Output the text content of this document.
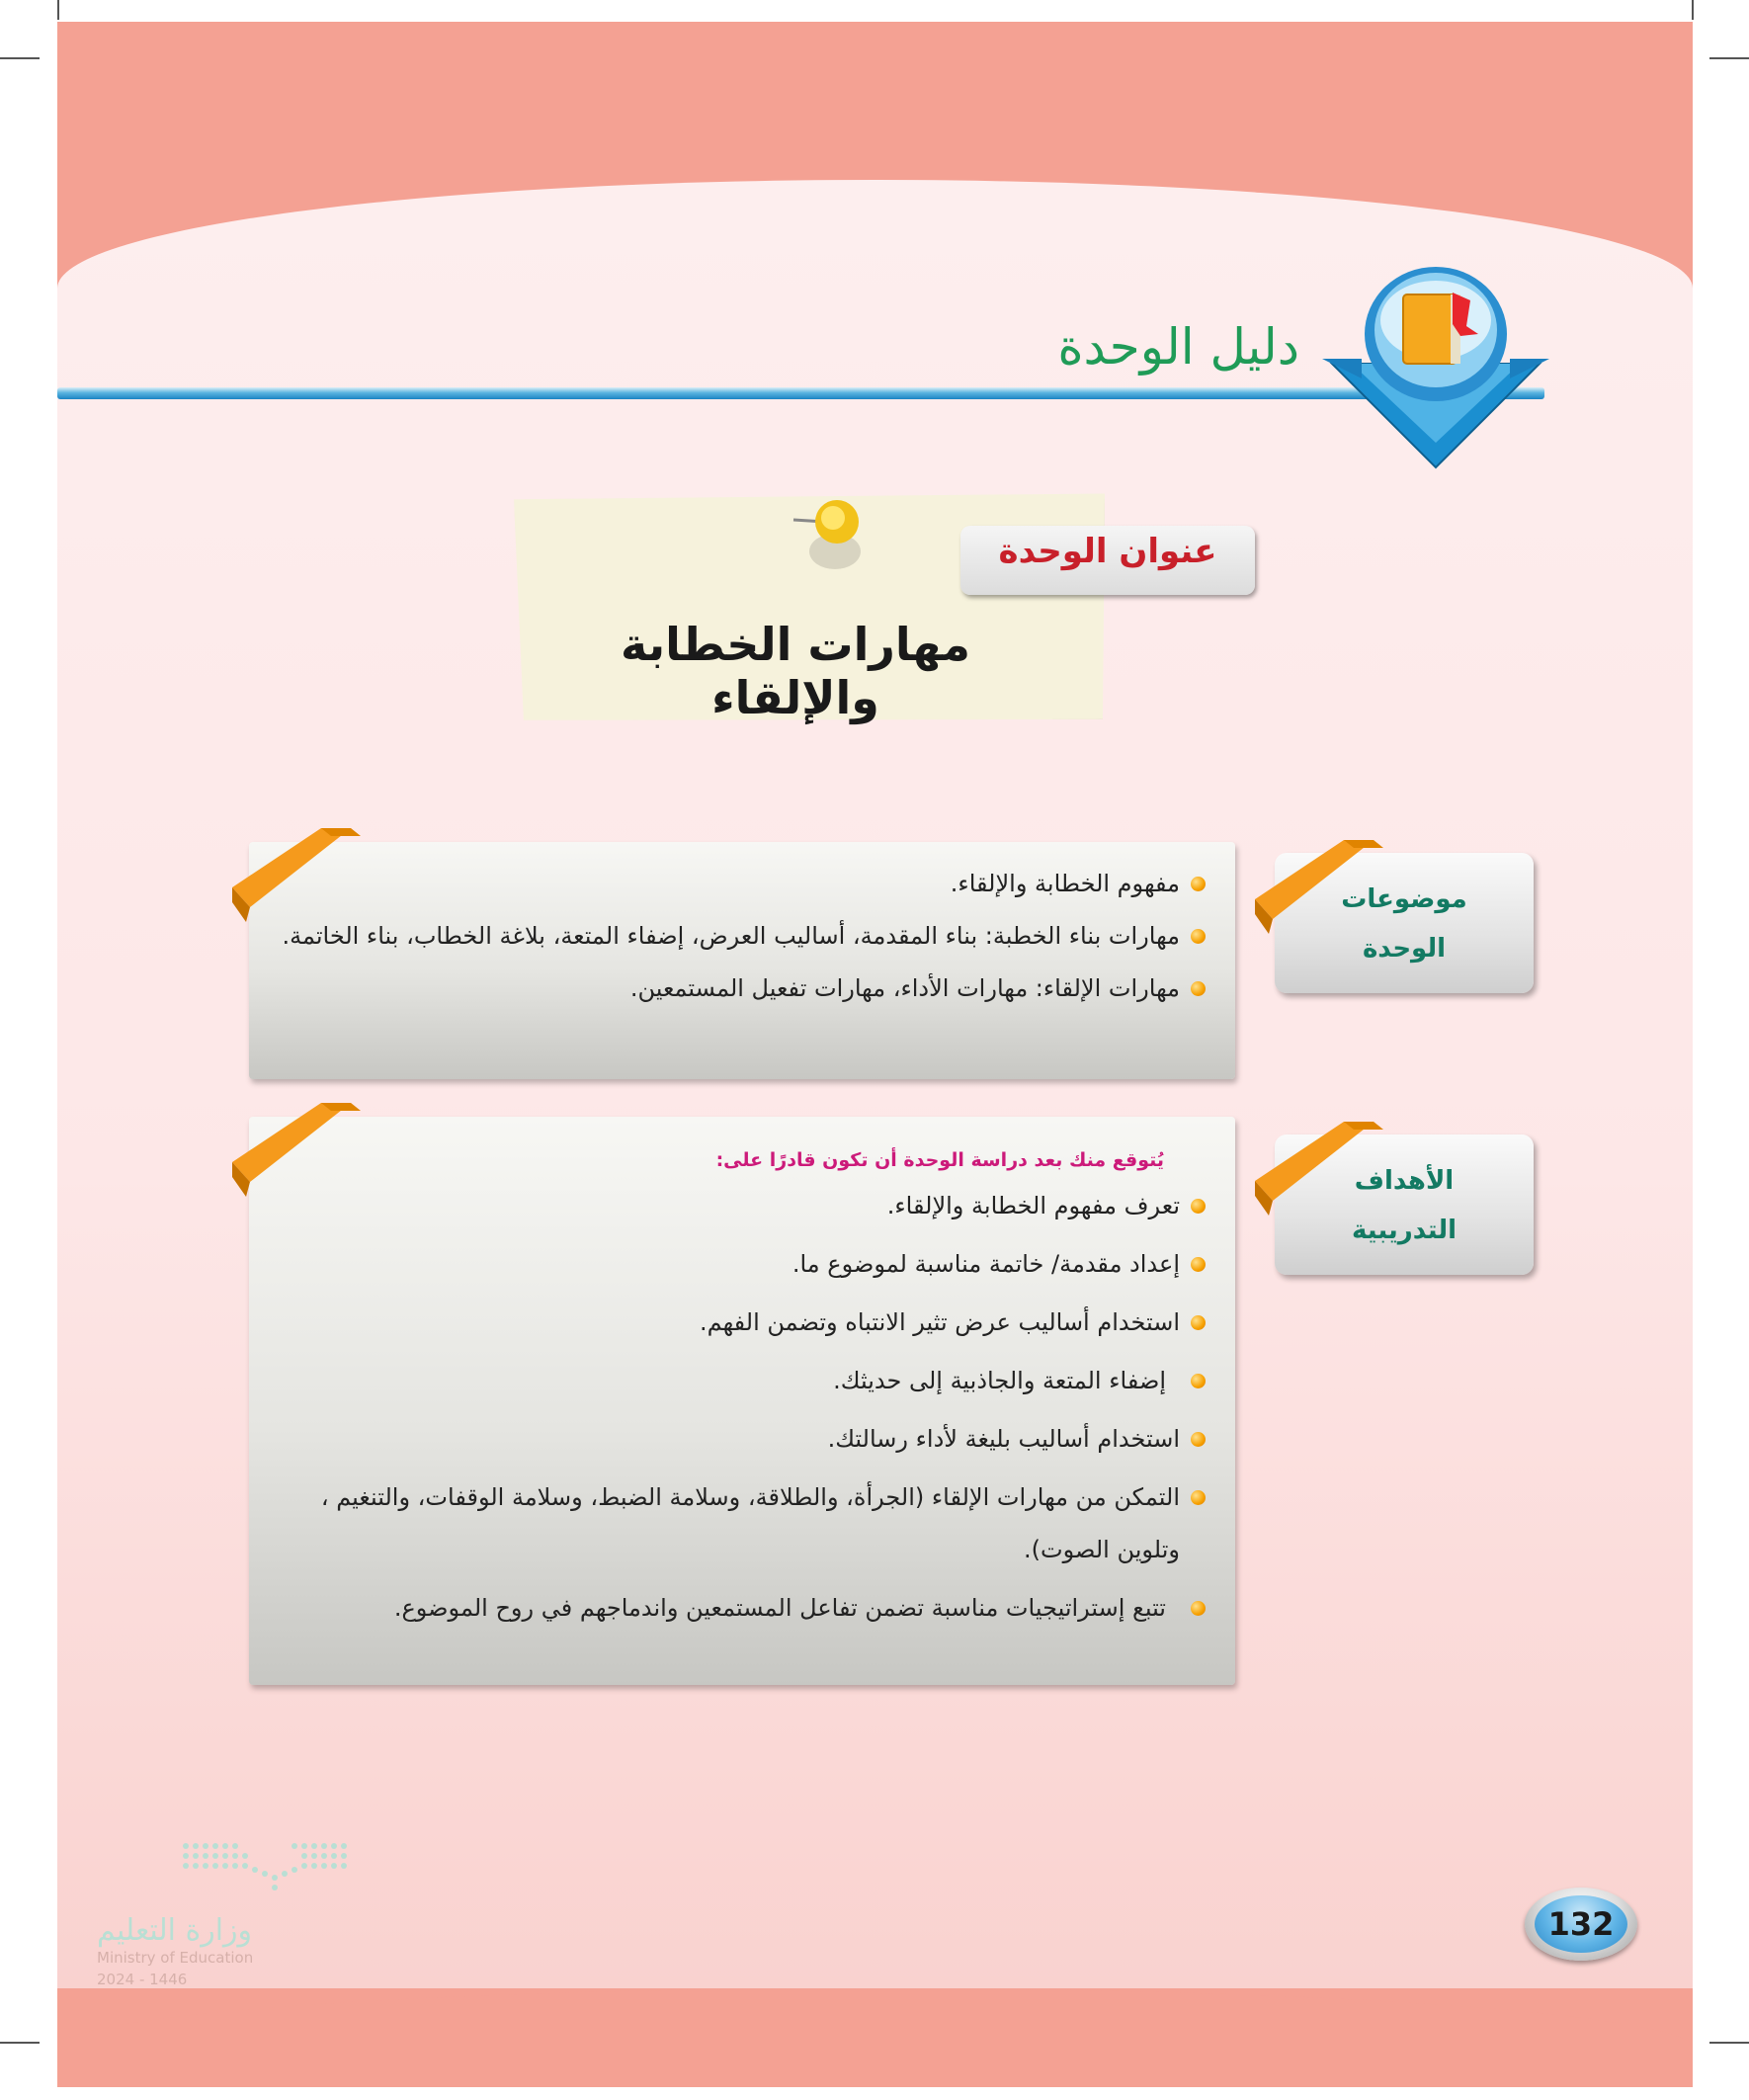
دليل الوحدة
عنوان الوحدة
مهارات الخطابة والإلقاء
موضوعات
الوحدة
مفهوم الخطابة والإلقاء.
مهارات بناء الخطبة: بناء المقدمة، أساليب العرض، إضفاء المتعة، بلاغة الخطاب، بناء الخاتمة.
مهارات الإلقاء: مهارات الأداء، مهارات تفعيل المستمعين.
الأهداف
التدريبية
يُتوقع منك بعد دراسة الوحدة أن تكون قادرًا على:
تعرف مفهوم الخطابة والإلقاء.
إعداد مقدمة/ خاتمة مناسبة لموضوع ما.
استخدام أساليب عرض تثير الانتباه وتضمن الفهم.
إضفاء المتعة والجاذبية إلى حديثك.
استخدام أساليب بليغة لأداء رسالتك.
التمكن من مهارات الإلقاء (الجرأة، والطلاقة، وسلامة الضبط، وسلامة الوقفات، والتنغيم ، وتلوين الصوت).
تتبع إستراتيجيات مناسبة تضمن تفاعل المستمعين واندماجهم في روح الموضوع.
وزارة التعليم
Ministry of Education
2024 - 1446
132
